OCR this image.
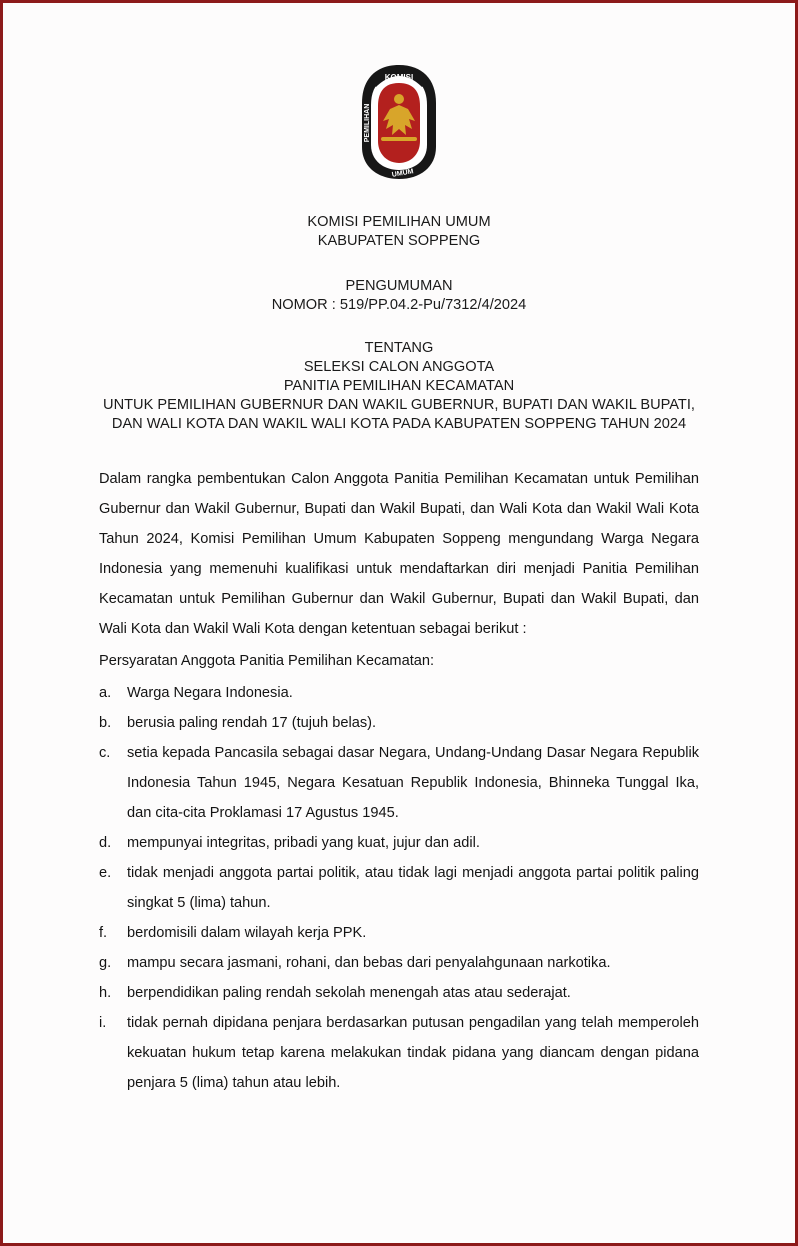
KOMISI
PEMILIHAN
UMUM
KOMISI PEMILIHAN UMUM
KABUPATEN SOPPENG
PENGUMUMAN
NOMOR : 519/PP.04.2-Pu/7312/4/2024
TENTANG
SELEKSI CALON ANGGOTA
PANITIA PEMILIHAN KECAMATAN
UNTUK PEMILIHAN GUBERNUR DAN WAKIL GUBERNUR, BUPATI DAN WAKIL BUPATI, DAN WALI KOTA DAN WAKIL WALI KOTA PADA KABUPATEN SOPPENG TAHUN 2024
Dalam rangka pembentukan Calon Anggota Panitia Pemilihan Kecamatan untuk Pemilihan Gubernur dan Wakil Gubernur, Bupati dan Wakil Bupati, dan Wali Kota dan Wakil Wali Kota Tahun 2024, Komisi Pemilihan Umum Kabupaten Soppeng mengundang Warga Negara Indonesia yang memenuhi kualifikasi untuk mendaftarkan diri menjadi Panitia Pemilihan Kecamatan untuk Pemilihan Gubernur dan Wakil Gubernur, Bupati dan Wakil Bupati, dan Wali Kota dan Wakil Wali Kota dengan ketentuan sebagai berikut :
Persyaratan Anggota Panitia Pemilihan Kecamatan:
a.	Warga Negara Indonesia.
b.	berusia paling rendah 17 (tujuh belas).
c.	setia kepada Pancasila sebagai dasar Negara, Undang-Undang Dasar Negara Republik Indonesia Tahun 1945, Negara Kesatuan Republik Indonesia, Bhinneka Tunggal Ika, dan cita-cita Proklamasi 17 Agustus 1945.
d.	mempunyai integritas, pribadi yang kuat, jujur dan adil.
e.	tidak menjadi anggota partai politik, atau tidak lagi menjadi anggota partai politik paling singkat 5 (lima) tahun.
f.	berdomisili dalam wilayah kerja PPK.
g.	mampu secara jasmani, rohani, dan bebas dari penyalahgunaan narkotika.
h.	berpendidikan paling rendah sekolah menengah atas atau sederajat.
i.	tidak pernah dipidana penjara berdasarkan putusan pengadilan yang telah memperoleh kekuatan hukum tetap karena melakukan tindak pidana yang diancam dengan pidana penjara 5 (lima) tahun atau lebih.
